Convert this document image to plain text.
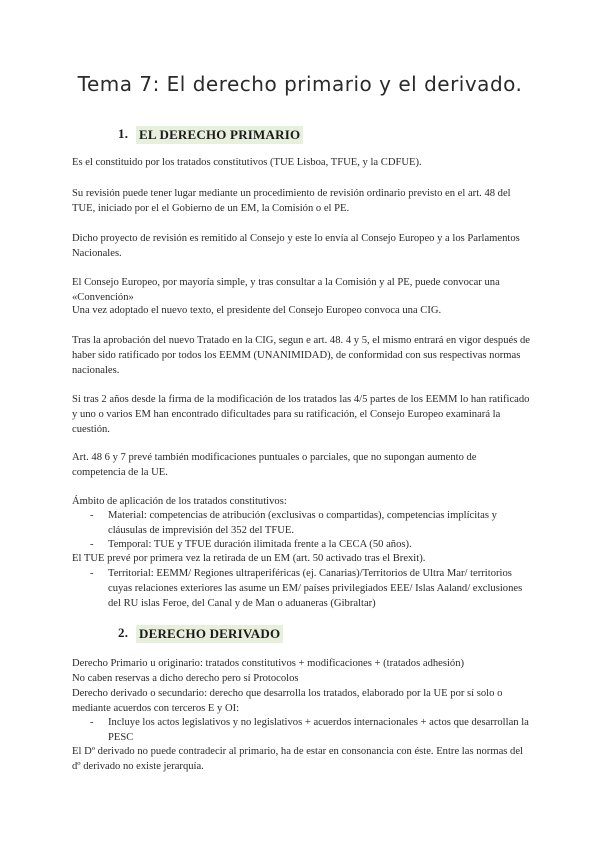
Tema 7: El derecho primario y el derivado.
1. EL DERECHO PRIMARIO

Es el constituido por los tratados constitutivos (TUE Lisboa, TFUE, y la CDFUE).

Su revisión puede tener lugar mediante un procedimiento de revisión ordinario previsto en el art. 48 del TUE, iniciado por el el Gobierno de un EM, la Comisión o el PE.

Dicho proyecto de revisión es remitido al Consejo y este lo envía al Consejo Europeo y a los Parlamentos Nacionales.

El Consejo Europeo, por mayoría simple, y tras consultar a la Comisión y al PE, puede convocar una «Convención»

Una vez adoptado el nuevo texto, el presidente del Consejo Europeo convoca una CIG.

Tras la aprobación del nuevo Tratado en la CIG, segun e art. 48. 4 y 5, el mismo entrará en vigor después de haber sido ratificado por todos los EEMM (UNANIMIDAD), de conformidad con sus respectivas normas nacionales.

Si tras 2 años desde la firma de la modificación de los tratados las 4/5 partes de los EEMM lo han ratificado y uno o varios EM han encontrado dificultades para su ratificación, el Consejo Europeo examinará la cuestión.

Art. 48 6 y 7 prevé también modificaciones puntuales o parciales, que no supongan aumento de competencia de la UE.

Ámbito de aplicación de los tratados constitutivos:

- Material: competencias de atribución (exclusivas o compartidas), competencias implícitas y cláusulas de imprevisión del 352 del TFUE.
- Temporal: TUE y TFUE duración ilimitada frente a la CECA (50 años).

El TUE prevé por primera vez la retirada de un EM (art. 50 activado tras el Brexit).

- Territorial: EEMM/ Regiones ultraperiféricas (ej. Canarias)/Territorios de Ultra Mar/ territorios cuyas relaciones exteriores las asume un EM/ países privilegiados EEE/ Islas Aaland/ exclusiones del RU islas Feroe, del Canal y de Man o aduaneras (Gibraltar)
2. DERECHO DERIVADO

Derecho Primario u originario: tratados constitutivos + modificaciones + (tratados adhesión)

No caben reservas a dicho derecho pero sí Protocolos

Derecho derivado o secundario: derecho que desarrolla los tratados, elaborado por la UE por sí solo o mediante acuerdos con terceros E y OI:

- Incluye los actos legislativos y no legislativos + acuerdos internacionales + actos que desarrollan la PESC

El Dº derivado no puede contradecir al primario, ha de estar en consonancia con éste. Entre las normas del dº derivado no existe jerarquía.
